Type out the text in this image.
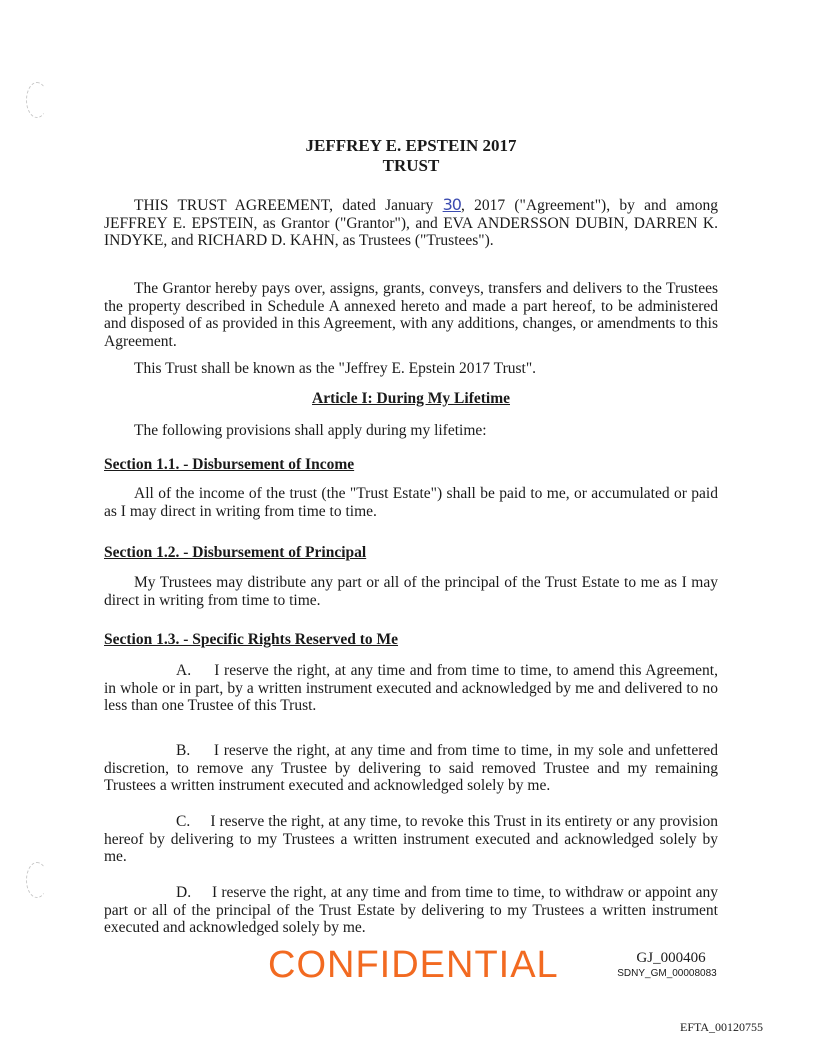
JEFFREY E. EPSTEIN 2017
TRUST

THIS TRUST AGREEMENT, dated January 30, 2017 ("Agreement"), by and among JEFFREY E. EPSTEIN, as Grantor ("Grantor"), and EVA ANDERSSON DUBIN, DARREN K. INDYKE, and RICHARD D. KAHN, as Trustees ("Trustees").

The Grantor hereby pays over, assigns, grants, conveys, transfers and delivers to the Trustees the property described in Schedule A annexed hereto and made a part hereof, to be administered and disposed of as provided in this Agreement, with any additions, changes, or amendments to this Agreement.

This Trust shall be known as the "Jeffrey E. Epstein 2017 Trust".

Article I: During My Lifetime

The following provisions shall apply during my lifetime:

Section 1.1. - Disbursement of Income

All of the income of the trust (the "Trust Estate") shall be paid to me, or accumulated or paid as I may direct in writing from time to time.

Section 1.2. - Disbursement of Principal

My Trustees may distribute any part or all of the principal of the Trust Estate to me as I may direct in writing from time to time.

Section 1.3. - Specific Rights Reserved to Me

A. I reserve the right, at any time and from time to time, to amend this Agreement, in whole or in part, by a written instrument executed and acknowledged by me and delivered to no less than one Trustee of this Trust.

B. I reserve the right, at any time and from time to time, in my sole and unfettered discretion, to remove any Trustee by delivering to said removed Trustee and my remaining Trustees a written instrument executed and acknowledged solely by me.

C. I reserve the right, at any time, to revoke this Trust in its entirety or any provision hereof by delivering to my Trustees a written instrument executed and acknowledged solely by me.

D. I reserve the right, at any time and from time to time, to withdraw or appoint any part or all of the principal of the Trust Estate by delivering to my Trustees a written instrument executed and acknowledged solely by me.

CONFIDENTIAL	GJ_000406
SDNY_GM_00008083
EFTA_00120755
